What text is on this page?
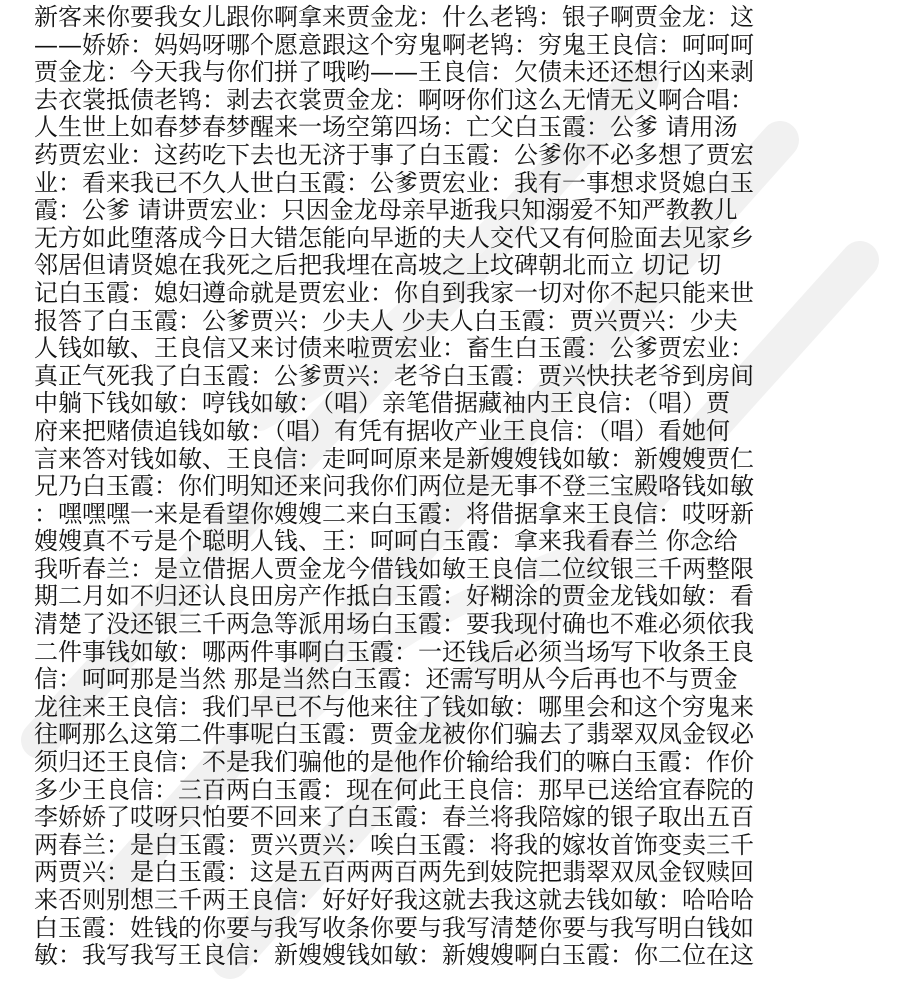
新客来你要我女儿跟你啊拿来贾金龙：什么老鸨：银子啊贾金龙：这
——娇娇：妈妈呀哪个愿意跟这个穷鬼啊老鸨：穷鬼王良信：呵呵呵
贾金龙：今天我与你们拼了哦哟——王良信：欠债未还还想行凶来剥
去衣裳抵债老鸨：剥去衣裳贾金龙：啊呀你们这么无情无义啊合唱：
人生世上如春梦春梦醒来一场空第四场：亡父白玉霞：公爹 请用汤
药贾宏业：这药吃下去也无济于事了白玉霞：公爹你不必多想了贾宏
业：看来我已不久人世白玉霞：公爹贾宏业：我有一事想求贤媳白玉
霞：公爹 请讲贾宏业：只因金龙母亲早逝我只知溺爱不知严教教儿
无方如此堕落成今日大错怎能向早逝的夫人交代又有何脸面去见家乡
邻居但请贤媳在我死之后把我埋在高坡之上坟碑朝北而立 切记 切
记白玉霞：媳妇遵命就是贾宏业：你自到我家一切对你不起只能来世
报答了白玉霞：公爹贾兴：少夫人 少夫人白玉霞：贾兴贾兴：少夫
人钱如敏、王良信又来讨债来啦贾宏业：畜生白玉霞：公爹贾宏业：
真正气死我了白玉霞：公爹贾兴：老爷白玉霞：贾兴快扶老爷到房间
中躺下钱如敏：哼钱如敏：（唱）亲笔借据藏袖内王良信：（唱）贾
府来把赌债追钱如敏：（唱）有凭有据收产业王良信：（唱）看她何
言来答对钱如敏、王良信：走呵呵原来是新嫂嫂钱如敏：新嫂嫂贾仁
兄乃白玉霞：你们明知还来问我你们两位是无事不登三宝殿咯钱如敏
：嘿嘿嘿一来是看望你嫂嫂二来白玉霞：将借据拿来王良信：哎呀新
嫂嫂真不亏是个聪明人钱、王：呵呵白玉霞：拿来我看春兰 你念给
我听春兰：是立借据人贾金龙今借钱如敏王良信二位纹银三千两整限
期二月如不归还认良田房产作抵白玉霞：好糊涂的贾金龙钱如敏：看
清楚了没还银三千两急等派用场白玉霞：要我现付确也不难必须依我
二件事钱如敏：哪两件事啊白玉霞：一还钱后必须当场写下收条王良
信：呵呵那是当然 那是当然白玉霞：还需写明从今后再也不与贾金
龙往来王良信：我们早已不与他来往了钱如敏：哪里会和这个穷鬼来
往啊那么这第二件事呢白玉霞：贾金龙被你们骗去了翡翠双凤金钗必
须归还王良信：不是我们骗他的是他作价输给我们的嘛白玉霞：作价
多少王良信：三百两白玉霞：现在何此王良信：那早已送给宜春院的
李娇娇了哎呀只怕要不回来了白玉霞：春兰将我陪嫁的银子取出五百
两春兰：是白玉霞：贾兴贾兴：唉白玉霞：将我的嫁妆首饰变卖三千
两贾兴：是白玉霞：这是五百两两百两先到妓院把翡翠双凤金钗赎回
来否则别想三千两王良信：好好好我这就去我这就去钱如敏：哈哈哈
白玉霞：姓钱的你要与我写收条你要与我写清楚你要与我写明白钱如
敏：我写我写王良信：新嫂嫂钱如敏：新嫂嫂啊白玉霞：你二位在这
